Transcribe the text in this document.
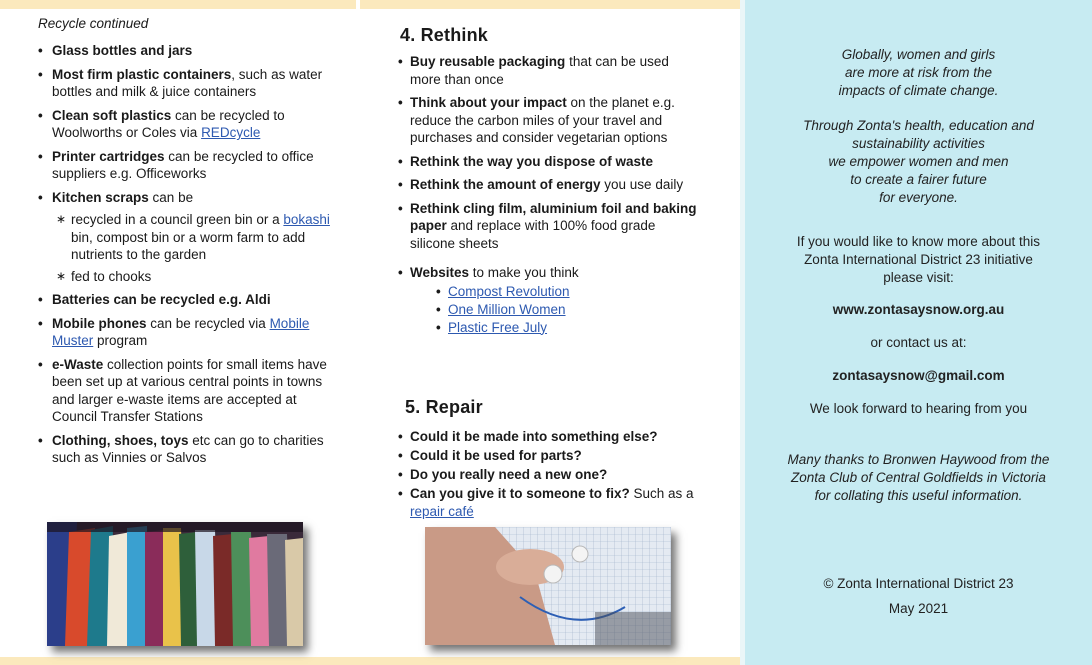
Recycle continued
• Glass bottles and jars
• Most firm plastic containers, such as water bottles and milk & juice containers
• Clean soft plastics can be recycled to Woolworths or Coles via REDcycle
• Printer cartridges can be recycled to office suppliers e.g. Officeworks
• Kitchen scraps can be
∗ recycled in a council green bin or a bokashi bin, compost bin or a worm farm to add nutrients to the garden
∗ fed to chooks
• Batteries can be recycled e.g. Aldi
• Mobile phones can be recycled via Mobile Muster program
• e-Waste collection points for small items have been set up at various central points in towns and larger e-waste items are accepted at Council Transfer Stations
• Clothing, shoes, toys etc can go to charities such as Vinnies or Salvos
4. Rethink
• Buy reusable packaging that can be used more than once
• Think about your impact on the planet e.g. reduce the carbon miles of your travel and purchases and consider vegetarian options
• Rethink the way you dispose of waste
• Rethink the amount of energy you use daily
• Rethink cling film, aluminium foil and baking paper and replace with 100% food grade silicone sheets
• Websites to make you think
• Compost Revolution
• One Million Women
• Plastic Free July
5. Repair
• Could it be made into something else?
• Could it be used for parts?
• Do you really need a new one?
• Can you give it to someone to fix? Such as a repair café
Globally, women and girls
are more at risk from the
impacts of climate change.
Through Zonta's health, education and
sustainability activities
we empower women and men
to create a fairer future
for everyone.
If you would like to know more about this
Zonta International District 23 initiative
please visit:
www.zontasaysnow.org.au
or contact us at:
zontasaysnow@gmail.com
We look forward to hearing from you
Many thanks to Bronwen Haywood from the
Zonta Club of Central Goldfields in Victoria
for collating this useful information.
© Zonta International District 23
May 2021
